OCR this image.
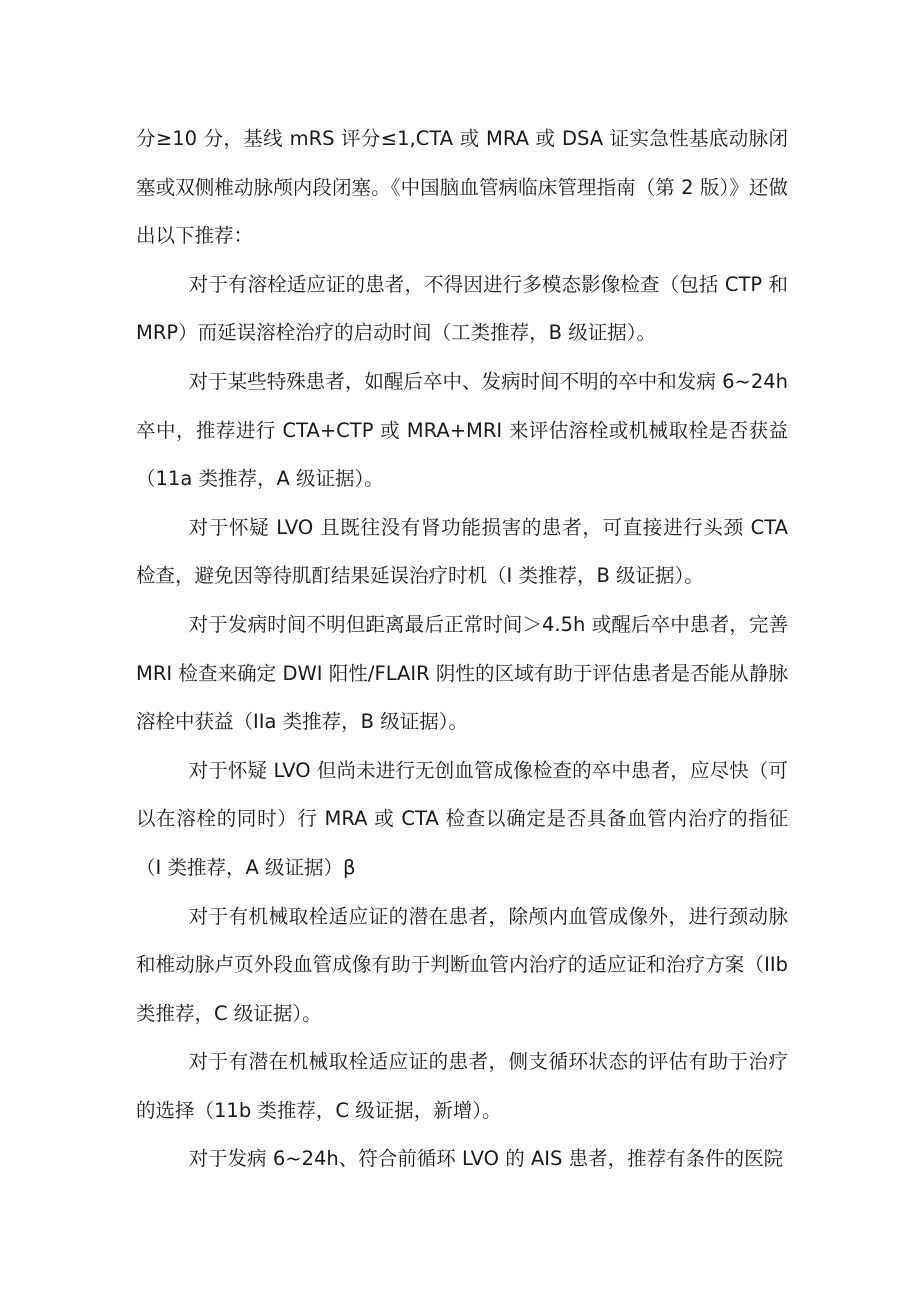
分≥10 分，基线 mRS 评分≤1,CTA 或 MRA 或 DSA 证实急性基底动脉闭塞或双侧椎动脉颅内段闭塞。《中国脑血管病临床管理指南（第 2 版）》还做出以下推荐：

对于有溶栓适应证的患者，不得因进行多模态影像检查（包括 CTP 和 MRP）而延误溶栓治疗的启动时间（工类推荐，B 级证据）。

对于某些特殊患者，如醒后卒中、发病时间不明的卒中和发病 6~24h 卒中，推荐进行 CTA+CTP 或 MRA+MRI 来评估溶栓或机械取栓是否获益（11a 类推荐，A 级证据）。

对于怀疑 LVO 且既往没有肾功能损害的患者，可直接进行头颈 CTA 检查，避免因等待肌酊结果延误治疗时机（I 类推荐，B 级证据）。

对于发病时间不明但距离最后正常时间＞4.5h 或醒后卒中患者，完善 MRI 检查来确定 DWI 阳性/FLAIR 阴性的区域有助于评估患者是否能从静脉溶栓中获益（IIa 类推荐，B 级证据）。

对于怀疑 LVO 但尚未进行无创血管成像检查的卒中患者，应尽快（可以在溶栓的同时）行 MRA 或 CTA 检查以确定是否具备血管内治疗的指征（I 类推荐，A 级证据）β

对于有机械取栓适应证的潜在患者，除颅内血管成像外，进行颈动脉和椎动脉卢页外段血管成像有助于判断血管内治疗的适应证和治疗方案（IIb 类推荐，C 级证据）。

对于有潜在机械取栓适应证的患者，侧支循环状态的评估有助于治疗的选择（11b 类推荐，C 级证据，新增）。

对于发病 6~24h、符合前循环 LVO 的 AIS 患者，推荐有条件的医院
